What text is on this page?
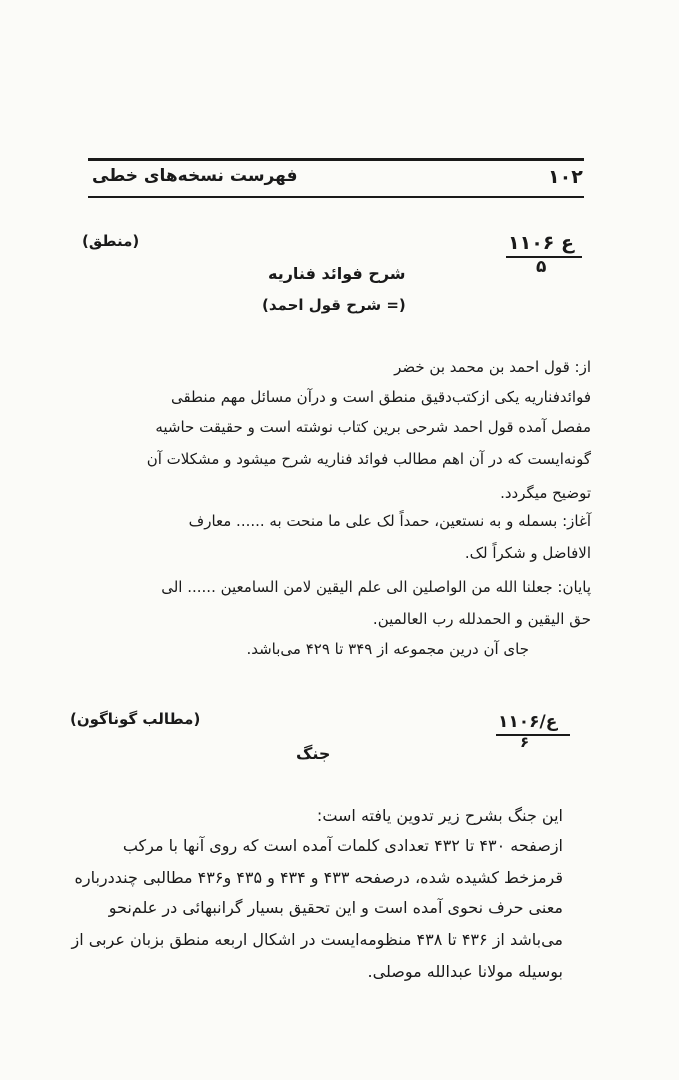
فهرست نسخه‌های خطی	۱۰۲
۱۱۰۶ ع
۵
(منطق)
شرح فوائد فناریه
(= شرح قول احمد)
از: قول احمد بن محمد بن خضر
فوائدفناریه یکی ازکتب‌دقیق منطق است و در‌آن مسائل مهم منطقی
مفصل آمده قول احمد شرحی برین کتاب نوشته است و حقیقت حاشیه
گونه‌ایست که در آن اهم مطالب فوائد فناریه شرح میشود و مشکلات آن
توضیح میگردد.
آغاز: بسمله و به نستعین، حمداً لک علی ما منحت به ...... معارف
الافاضل و شکراً لک.
پایان: جعلنا الله من الواصلین الی علم الیقین لامن السامعین ...... الی
حق الیقین و الحمدلله رب العالمین.
جای آن درین مجموعه از ۳۴۹ تا ۴۲۹ می‌باشد.
ع/۱۱۰۶
۶
(مطالب گوناگون)
جنگ
این جنگ بشرح زیر تدوین یافته است:
ازصفحه‌ ۴۳۰ تا ۴۳۲ تعدادی کلمات آمده است که روی آنها با مرکب
قرمزخط کشیده شده، درصفحه‌ ۴۳۳ و ۴۳۴ و ۴۳۵ و۴۳۶ مطالبی چنددرباره
معنی حرف نحوی آمده است و این تحقیق بسیار گرانبهائی در علم‌نحو
می‌باشد از ۴۳۶ تا ۴۳۸ منظومه‌ایست در اشکال اربعه منطق بزبان عربی از
بوسیله‌ مولانا عبدالله موصلی.
